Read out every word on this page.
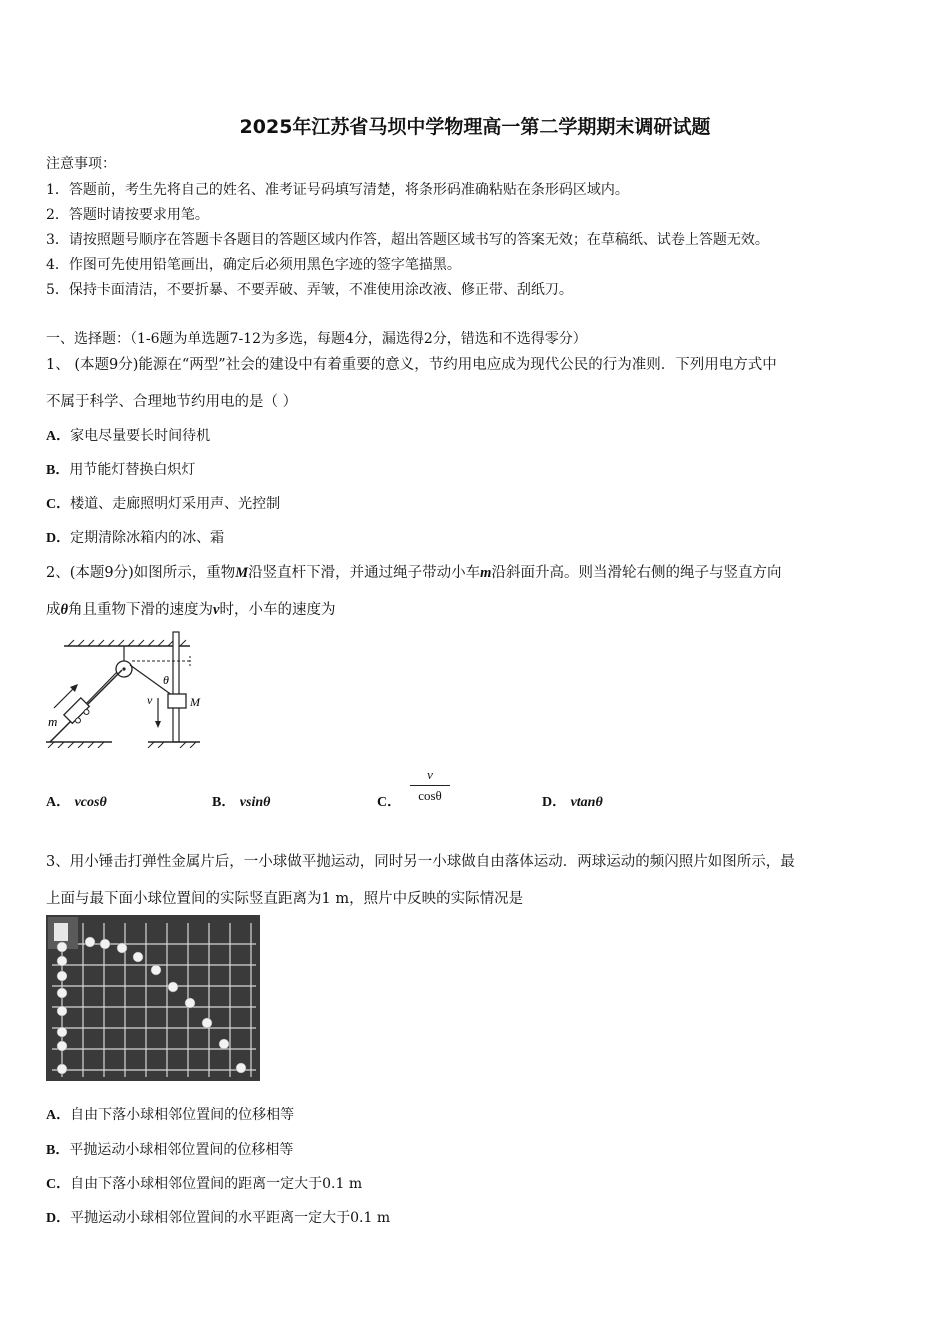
2025年江苏省马坝中学物理高一第二学期期末调研试题
注意事项：
1．答题前，考生先将自己的姓名、准考证号码填写清楚，将条形码准确粘贴在条形码区域内。
2．答题时请按要求用笔。
3．请按照题号顺序在答题卡各题目的答题区域内作答，超出答题区域书写的答案无效；在草稿纸、试卷上答题无效。
4．作图可先使用铅笔画出，确定后必须用黑色字迹的签字笔描黑。
5．保持卡面清洁，不要折暴、不要弄破、弄皱，不准使用涂改液、修正带、刮纸刀。
一、选择题：（1-6题为单选题7-12为多选，每题4分，漏选得2分，错选和不选得零分）
1、 (本题9分)能源在“两型”社会的建设中有着重要的意义，节约用电应成为现代公民的行为准则．下列用电方式中
不属于科学、合理地节约用电的是（ ）
A．家电尽量要长时间待机
B．用节能灯替换白炽灯
C．楼道、走廊照明灯采用声、光控制
D．定期清除冰箱内的冰、霜
2、(本题9分)如图所示，重物M沿竖直杆下滑，并通过绳子带动小车m沿斜面升高。则当滑轮右侧的绳子与竖直方向
成θ角且重物下滑的速度为v时，小车的速度为
m
v
θ
M
A． vcosθ	B． vsinθ	C．
v
cosθ	D． vtanθ
3、用小锤击打弹性金属片后，一小球做平抛运动，同时另一小球做自由落体运动．两球运动的频闪照片如图所示，最
上面与最下面小球位置间的实际竖直距离为1 m，照片中反映的实际情况是
A．自由下落小球相邻位置间的位移相等
B．平抛运动小球相邻位置间的位移相等
C．自由下落小球相邻位置间的距离一定大于0.1 m
D．平抛运动小球相邻位置间的水平距离一定大于0.1 m
